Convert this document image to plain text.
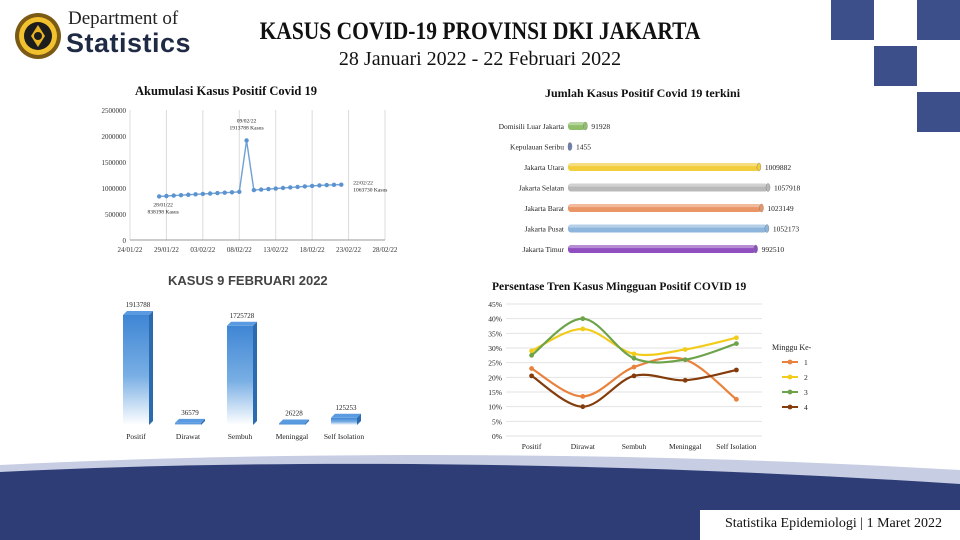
Department of
Statistics	KASUS COVID-19 PROVINSI DKI JAKARTA
28 Januari 2022 - 22 Februari 2022
Akumulasi Kasus Positif Covid 19	Jumlah Kasus Positif Covid 19 terkini
KASUS 9 FEBRUARI 2022	Persentase Tren Kasus Mingguan Positif COVID 19
24/01/22 29/01/22 03/02/22 08/02/22 13/02/22 18/02/22 23/02/22 28/02/22
0
500000
1000000
1500000
2000000
2500000
28/01/22
838198 Kasus
09/02/22
1913788 Kasus
22/02/22
1063730 Kasus
Domisili Luar Jakarta	91928
Kepulauan Seribu 1455
Jakarta Utara	1009882
Jakarta Selatan	1057918
Jakarta Barat	1023149
Jakarta Pusat	1052173
Jakarta Timur	992510
1913788
Positif
36579
Dirawat
1725728
Sembuh
26228
Meninggal
125253
Self Isolation	0%
5%
10%
15%
20%
25%
30%
35%
40%
45%
Positif	Dirawat	Sembuh	Meninggal Self Isolation
1
2
3
4
Minggu Ke-
Statistika Epidemiologi | 1 Maret 2022
